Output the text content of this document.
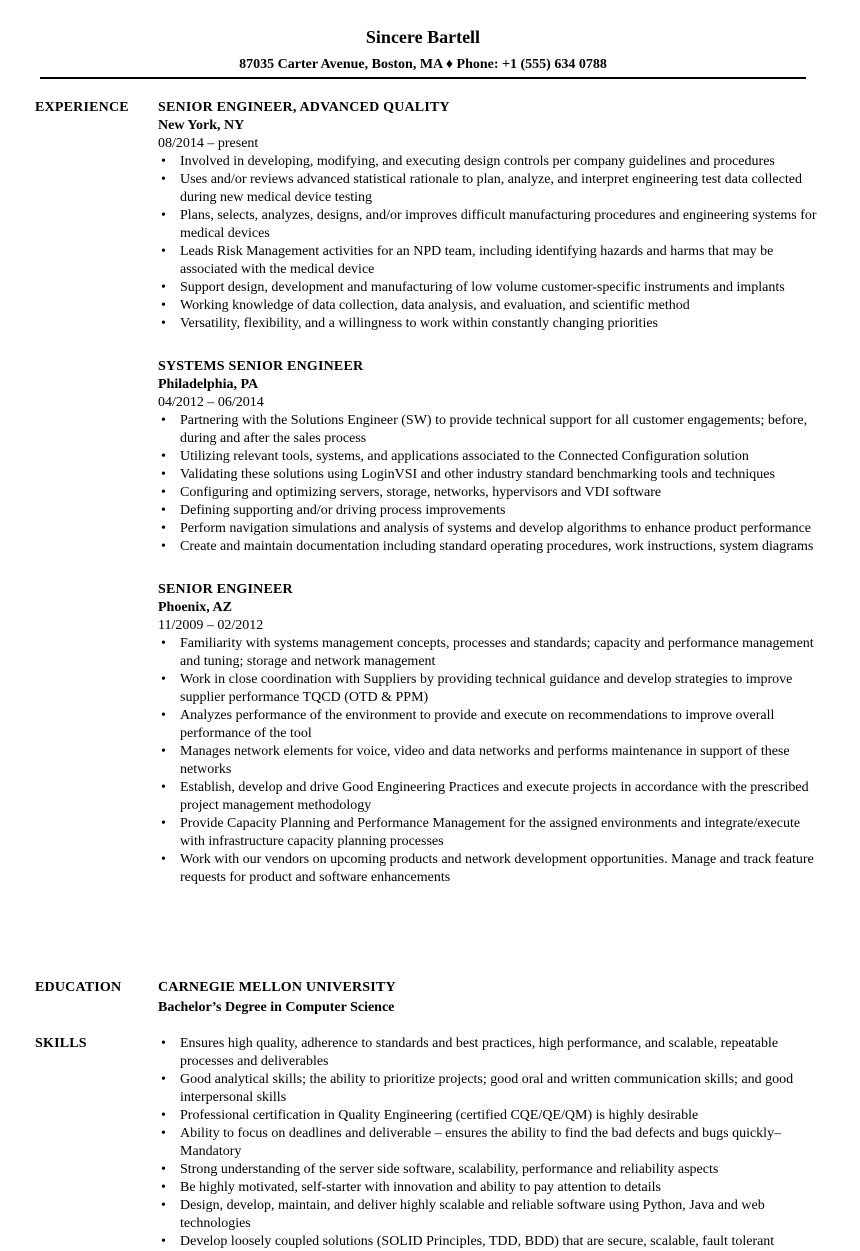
Sincere Bartell
87035 Carter Avenue, Boston, MA ♦ Phone: +1 (555) 634 0788
EXPERIENCE SENIOR ENGINEER, ADVANCED QUALITY
New York, NY
08/2014 – present
• Involved in developing, modifying, and executing design controls per company guidelines and procedures
• Uses and/or reviews advanced statistical rationale to plan, analyze, and interpret engineering test data collected during new medical device testing
• Plans, selects, analyzes, designs, and/or improves difficult manufacturing procedures and engineering systems for medical devices
• Leads Risk Management activities for an NPD team, including identifying hazards and harms that may be associated with the medical device
• Support design, development and manufacturing of low volume customer-specific instruments and implants
• Working knowledge of data collection, data analysis, and evaluation, and scientific method
• Versatility, flexibility, and a willingness to work within constantly changing priorities
SYSTEMS SENIOR ENGINEER
Philadelphia, PA
04/2012 – 06/2014
• Partnering with the Solutions Engineer (SW) to provide technical support for all customer engagements; before, during and after the sales process
• Utilizing relevant tools, systems, and applications associated to the Connected Configuration solution
• Validating these solutions using LoginVSI and other industry standard benchmarking tools and techniques
• Configuring and optimizing servers, storage, networks, hypervisors and VDI software
• Defining supporting and/or driving process improvements
• Perform navigation simulations and analysis of systems and develop algorithms to enhance product performance
• Create and maintain documentation including standard operating procedures, work instructions, system diagrams
SENIOR ENGINEER
Phoenix, AZ
11/2009 – 02/2012
• Familiarity with systems management concepts, processes and standards; capacity and performance management and tuning; storage and network management
• Work in close coordination with Suppliers by providing technical guidance and develop strategies to improve supplier performance TQCD (OTD & PPM)
• Analyzes performance of the environment to provide and execute on recommendations to improve overall performance of the tool
• Manages network elements for voice, video and data networks and performs maintenance in support of these networks
• Establish, develop and drive Good Engineering Practices and execute projects in accordance with the prescribed project management methodology
• Provide Capacity Planning and Performance Management for the assigned environments and integrate/execute with infrastructure capacity planning processes
• Work with our vendors on upcoming products and network development opportunities. Manage and track feature requests for product and software enhancements
EDUCATION	CARNEGIE MELLON UNIVERSITY
Bachelor’s Degree in Computer Science
SKILLS	• Ensures high quality, adherence to standards and best practices, high performance, and scalable, repeatable processes and deliverables
• Good analytical skills; the ability to prioritize projects; good oral and written communication skills; and good interpersonal skills
• Professional certification in Quality Engineering (certified CQE/QE/QM) is highly desirable
• Ability to focus on deadlines and deliverable – ensures the ability to find the bad defects and bugs quickly– Mandatory
• Strong understanding of the server side software, scalability, performance and reliability aspects
• Be highly motivated, self-starter with innovation and ability to pay attention to details
• Design, develop, maintain, and deliver highly scalable and reliable software using Python, Java and web technologies
• Develop loosely coupled solutions (SOLID Principles, TDD, BDD) that are secure, scalable, fault tolerant
